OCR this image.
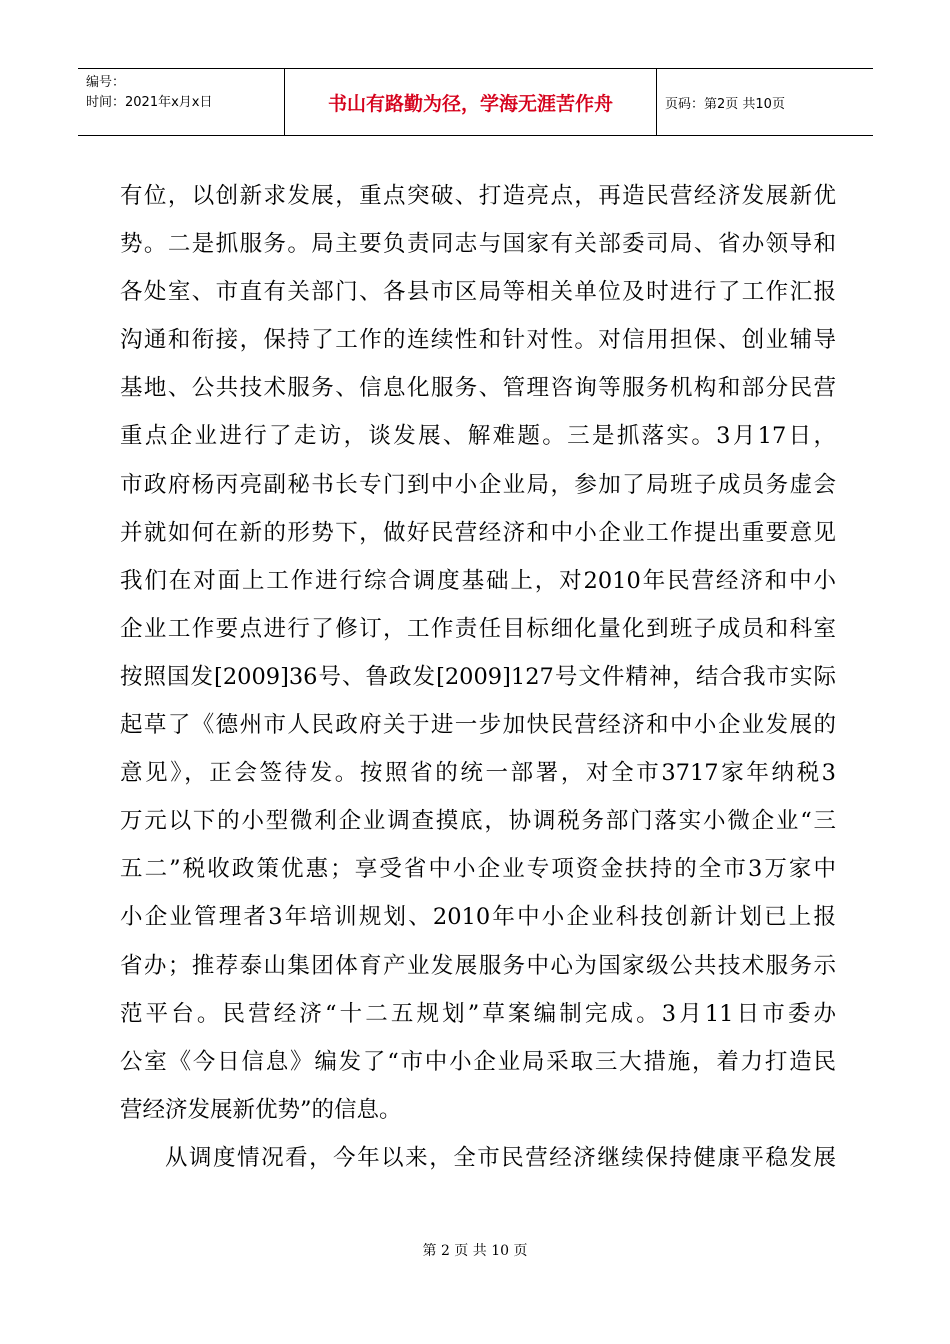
编号：
时间：2021年x月x日	书山有路勤为径，学海无涯苦作舟	页码：第2页 共10页
有位，以创新求发展，重点突破、打造亮点，再造民营经济发展新优
势。二是抓服务。局主要负责同志与国家有关部委司局、省办领导和
各处室、市直有关部门、各县市区局等相关单位及时进行了工作汇报
沟通和衔接，保持了工作的连续性和针对性。对信用担保、创业辅导
基地、公共技术服务、信息化服务、管理咨询等服务机构和部分民营
重点企业进行了走访，谈发展、解难题。三是抓落实。3月17日，
市政府杨丙亮副秘书长专门到中小企业局，参加了局班子成员务虚会
并就如何在新的形势下，做好民营经济和中小企业工作提出重要意见
我们在对面上工作进行综合调度基础上，对2010年民营经济和中小
企业工作要点进行了修订，工作责任目标细化量化到班子成员和科室
按照国发[2009]36号、鲁政发[2009]127号文件精神，结合我市实际
起草了《德州市人民政府关于进一步加快民营经济和中小企业发展的
意见》，正会签待发。按照省的统一部署，对全市3717家年纳税3
万元以下的小型微利企业调查摸底，协调税务部门落实小微企业“三
五二”税收政策优惠；享受省中小企业专项资金扶持的全市3万家中
小企业管理者3年培训规划、2010年中小企业科技创新计划已上报
省办；推荐泰山集团体育产业发展服务中心为国家级公共技术服务示
范平台。民营经济“十二五规划”草案编制完成。3月11日市委办
公室《今日信息》编发了“市中小企业局采取三大措施，着力打造民
营经济发展新优势”的信息。
从调度情况看，今年以来，全市民营经济继续保持健康平稳发展
第 2 页 共 10 页
